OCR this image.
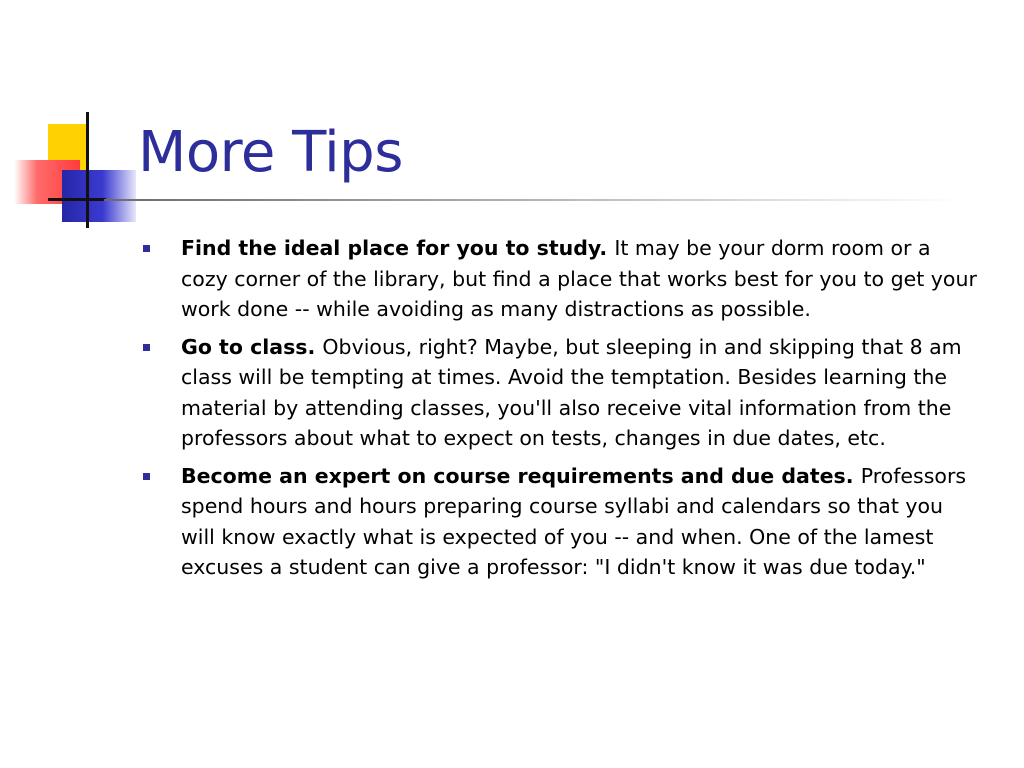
More Tips
Find the ideal place for you to study. It may be your dorm room or a cozy corner of the library, but find a place that works best for you to get your work done -- while avoiding as many distractions as possible.
Go to class. Obvious, right? Maybe, but sleeping in and skipping that 8 am class will be tempting at times. Avoid the temptation. Besides learning the material by attending classes, you'll also receive vital information from the professors about what to expect on tests, changes in due dates, etc.
Become an expert on course requirements and due dates. Professors spend hours and hours preparing course syllabi and calendars so that you will know exactly what is expected of you -- and when. One of the lamest excuses a student can give a professor: "I didn't know it was due today."
